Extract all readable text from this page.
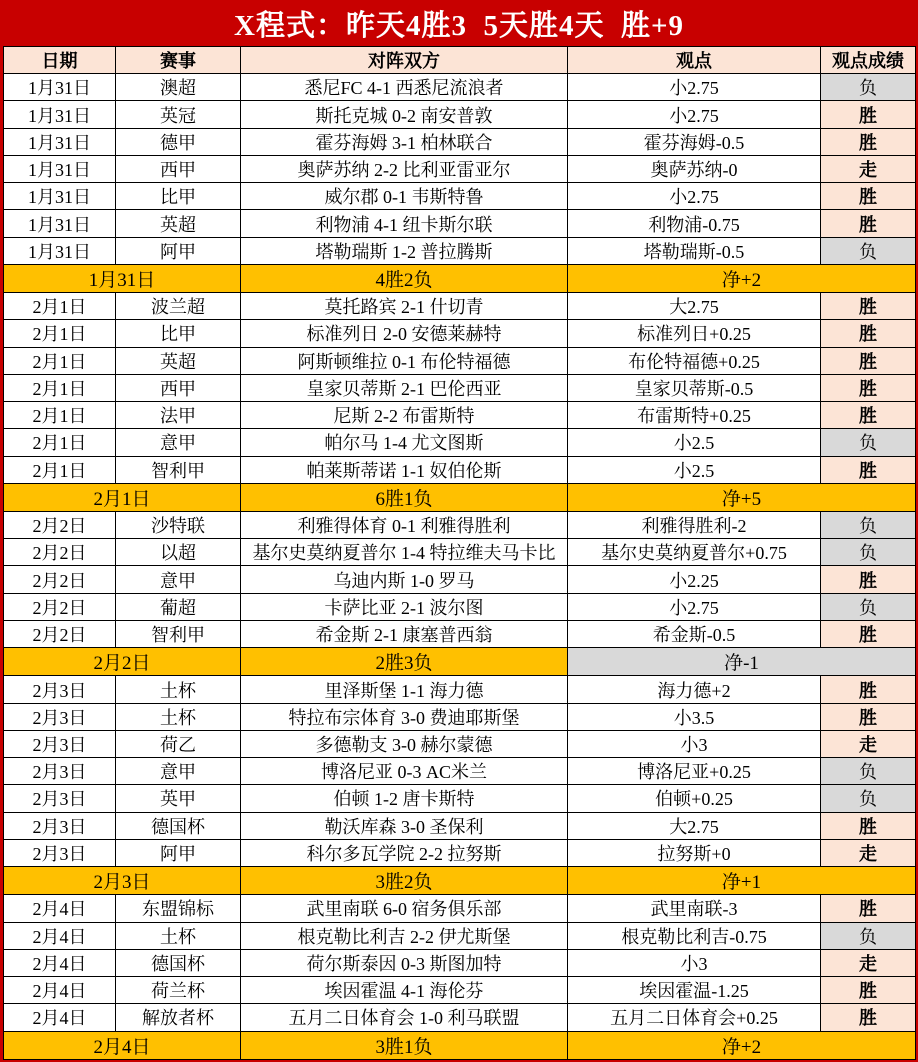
X程式：昨天4胜3  5天胜4天  胜+9
日期	赛事	对阵双方	观点	观点成绩
1月31日	澳超	悉尼FC 4-1 西悉尼流浪者	小2.75	负
1月31日	英冠	斯托克城 0-2 南安普敦	小2.75	胜
1月31日	德甲	霍芬海姆 3-1 柏林联合	霍芬海姆-0.5	胜
1月31日	西甲	奥萨苏纳 2-2 比利亚雷亚尔	奥萨苏纳-0	走
1月31日	比甲	威尔郡 0-1 韦斯特鲁	小2.75	胜
1月31日	英超	利物浦 4-1 纽卡斯尔联	利物浦-0.75	胜
1月31日	阿甲	塔勒瑞斯 1-2 普拉腾斯	塔勒瑞斯-0.5	负
1月31日		4胜2负	净+2	
2月1日	波兰超	莫托路宾 2-1 什切青	大2.75	胜
2月1日	比甲	标准列日 2-0 安德莱赫特	标准列日+0.25	胜
2月1日	英超	阿斯顿维拉 0-1 布伦特福德	布伦特福德+0.25	胜
2月1日	西甲	皇家贝蒂斯 2-1 巴伦西亚	皇家贝蒂斯-0.5	胜
2月1日	法甲	尼斯 2-2 布雷斯特	布雷斯特+0.25	胜
2月1日	意甲	帕尔马 1-4 尤文图斯	小2.5	负
2月1日	智利甲	帕莱斯蒂诺 1-1 奴伯伦斯	小2.5	胜
2月1日		6胜1负	净+5	
2月2日	沙特联	利雅得体育 0-1 利雅得胜利	利雅得胜利-2	负
2月2日	以超	基尔史莫纳夏普尔 1-4 特拉维夫马卡比	基尔史莫纳夏普尔+0.75	负
2月2日	意甲	乌迪内斯 1-0 罗马	小2.25	胜
2月2日	葡超	卡萨比亚 2-1 波尔图	小2.75	负
2月2日	智利甲	希金斯 2-1 康塞普西翁	希金斯-0.5	胜
2月2日		2胜3负	净-1	
2月3日	土杯	里泽斯堡 1-1 海力德	海力德+2	胜
2月3日	土杯	特拉布宗体育 3-0 费迪耶斯堡	小3.5	胜
2月3日	荷乙	多德勒支 3-0 赫尔蒙德	小3	走
2月3日	意甲	博洛尼亚 0-3 AC米兰	博洛尼亚+0.25	负
2月3日	英甲	伯顿 1-2 唐卡斯特	伯顿+0.25	负
2月3日	德国杯	勒沃库森 3-0 圣保利	大2.75	胜
2月3日	阿甲	科尔多瓦学院 2-2 拉努斯	拉努斯+0	走
2月3日		3胜2负	净+1	
2月4日	东盟锦标	武里南联 6-0 宿务俱乐部	武里南联-3	胜
2月4日	土杯	根克勒比利吉 2-2 伊尤斯堡	根克勒比利吉-0.75	负
2月4日	德国杯	荷尔斯泰因 0-3 斯图加特	小3	走
2月4日	荷兰杯	埃因霍温 4-1 海伦芬	埃因霍温-1.25	胜
2月4日	解放者杯	五月二日体育会 1-0 利马联盟	五月二日体育会+0.25	胜
2月4日		3胜1负	净+2	
